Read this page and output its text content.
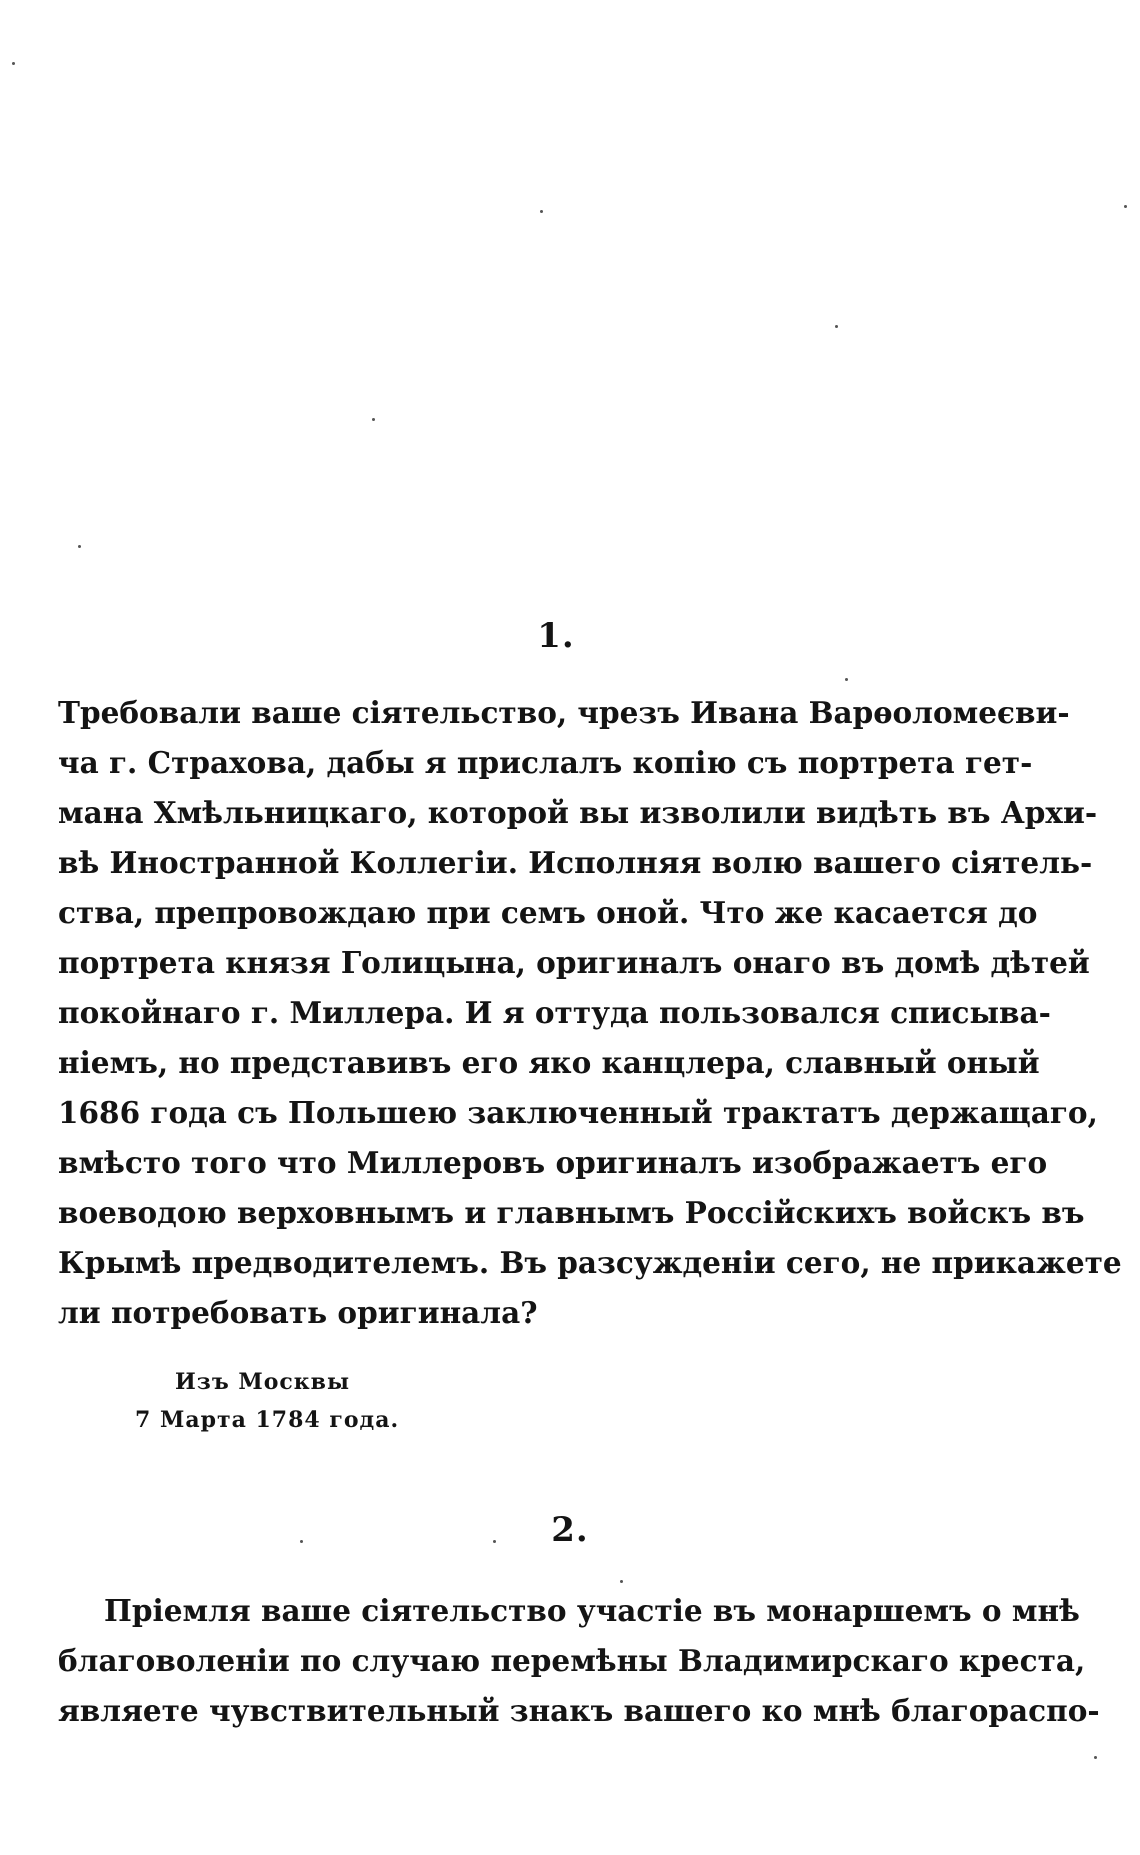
1.
Требовали ваше сіятельство, чрезъ Ивана Варѳоломеєви-
ча г. Страхова, дабы я прислалъ копію съ портрета гет-
мана Хмѣльницкаго, которой вы изволили видѣть въ Архи-
вѣ Иностранной Коллегіи. Исполняя волю вашего сіятель-
ства, препровождаю при семъ оной. Что же касается до
портрета князя Голицына, оригиналъ онаго въ домѣ дѣтей
покойнаго г. Миллера. И я оттуда пользовался списыва-
ніемъ, но представивъ его яко канцлера, славный оный
1686 года съ Польшею заключенный трактатъ держащаго,
вмѣсто того что Миллеровъ оригиналъ изображаетъ его
воеводою верховнымъ и главнымъ Россійскихъ войскъ въ
Крымѣ предводителемъ. Въ разсужденіи сего, не прикажете
ли потребовать оригинала?
Изъ Москвы
7 Марта 1784 года.
2.
Пріемля ваше сіятельство участіе въ монаршемъ о мнѣ
благоволеніи по случаю перемѣны Владимирскаго креста,
являете чувствительный знакъ вашего ко мнѣ благораспо-
